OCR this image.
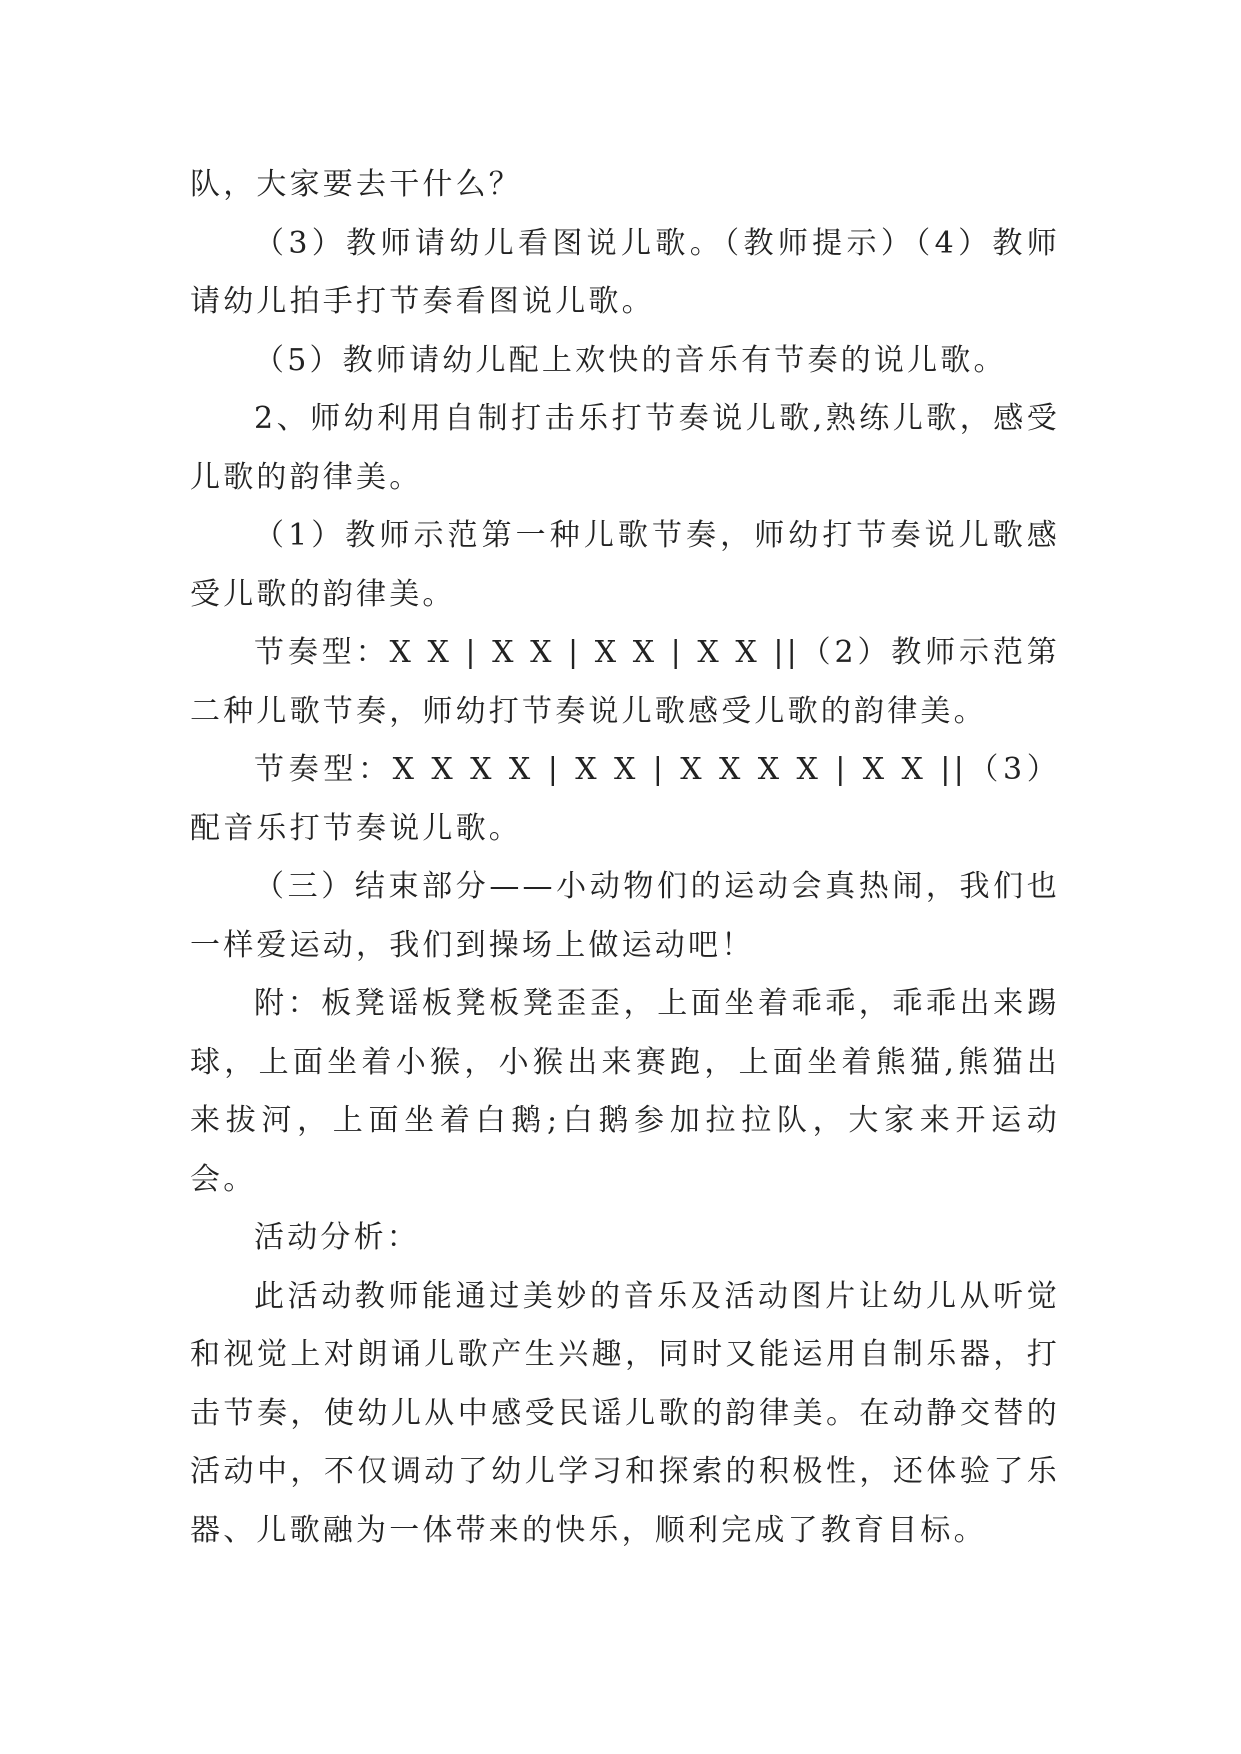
队，大家要去干什么？

（3）教师请幼儿看图说儿歌。（教师提示）（4）教师请幼儿拍手打节奏看图说儿歌。

（5）教师请幼儿配上欢快的音乐有节奏的说儿歌。

2、师幼利用自制打击乐打节奏说儿歌,熟练儿歌，感受儿歌的韵律美。

（1）教师示范第一种儿歌节奏，师幼打节奏说儿歌感受儿歌的韵律美。

节奏型：X X | X X | X X | X X ||（2）教师示范第二种儿歌节奏，师幼打节奏说儿歌感受儿歌的韵律美。

节奏型：X X X X | X X | X X X X | X X ||（3）配音乐打节奏说儿歌。

（三）结束部分——小动物们的运动会真热闹，我们也一样爱运动，我们到操场上做运动吧！

附：板凳谣板凳板凳歪歪，上面坐着乖乖，乖乖出来踢球，上面坐着小猴，小猴出来赛跑，上面坐着熊猫,熊猫出来拔河，上面坐着白鹅;白鹅参加拉拉队，大家来开运动会。

活动分析：

此活动教师能通过美妙的音乐及活动图片让幼儿从听觉和视觉上对朗诵儿歌产生兴趣，同时又能运用自制乐器，打击节奏，使幼儿从中感受民谣儿歌的韵律美。在动静交替的活动中，不仅调动了幼儿学习和探索的积极性，还体验了乐器、儿歌融为一体带来的快乐，顺利完成了教育目标。
